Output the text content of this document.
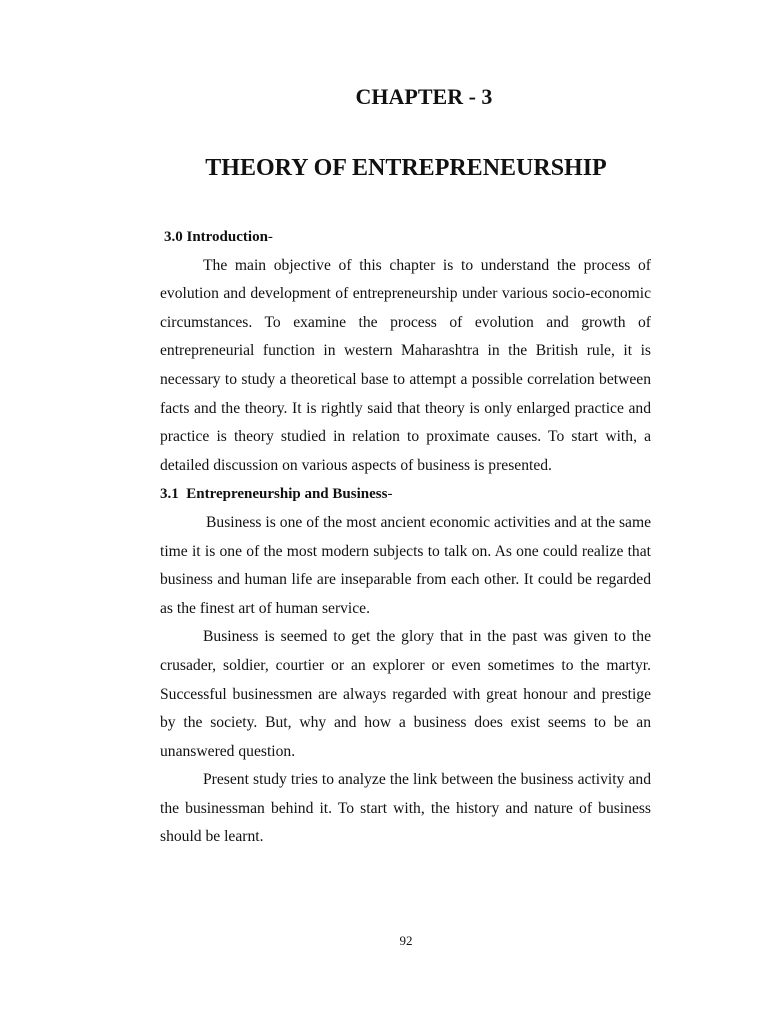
CHAPTER - 3
THEORY OF ENTREPRENEURSHIP
3.0 Introduction-

The main objective of this chapter is to understand the process of evolution and development of entrepreneurship under various socio-economic circumstances. To examine the process of evolution and growth of entrepreneurial function in western Maharashtra in the British rule, it is necessary to study a theoretical base to attempt a possible correlation between facts and the theory. It is rightly said that theory is only enlarged practice and practice is theory studied in relation to proximate causes. To start with, a detailed discussion on various aspects of business is presented.

3.1  Entrepreneurship and Business-

Business is one of the most ancient economic activities and at the same time it is one of the most modern subjects to talk on. As one could realize that business and human life are inseparable from each other. It could be regarded as the finest art of human service.

Business is seemed to get the glory that in the past was given to the crusader, soldier, courtier or an explorer or even sometimes to the martyr. Successful businessmen are always regarded with great honour and prestige by the society. But, why and how a business does exist seems to be an unanswered question.

Present study tries to analyze the link between the business activity and the businessman behind it. To start with, the history and nature of business should be learnt.

92
